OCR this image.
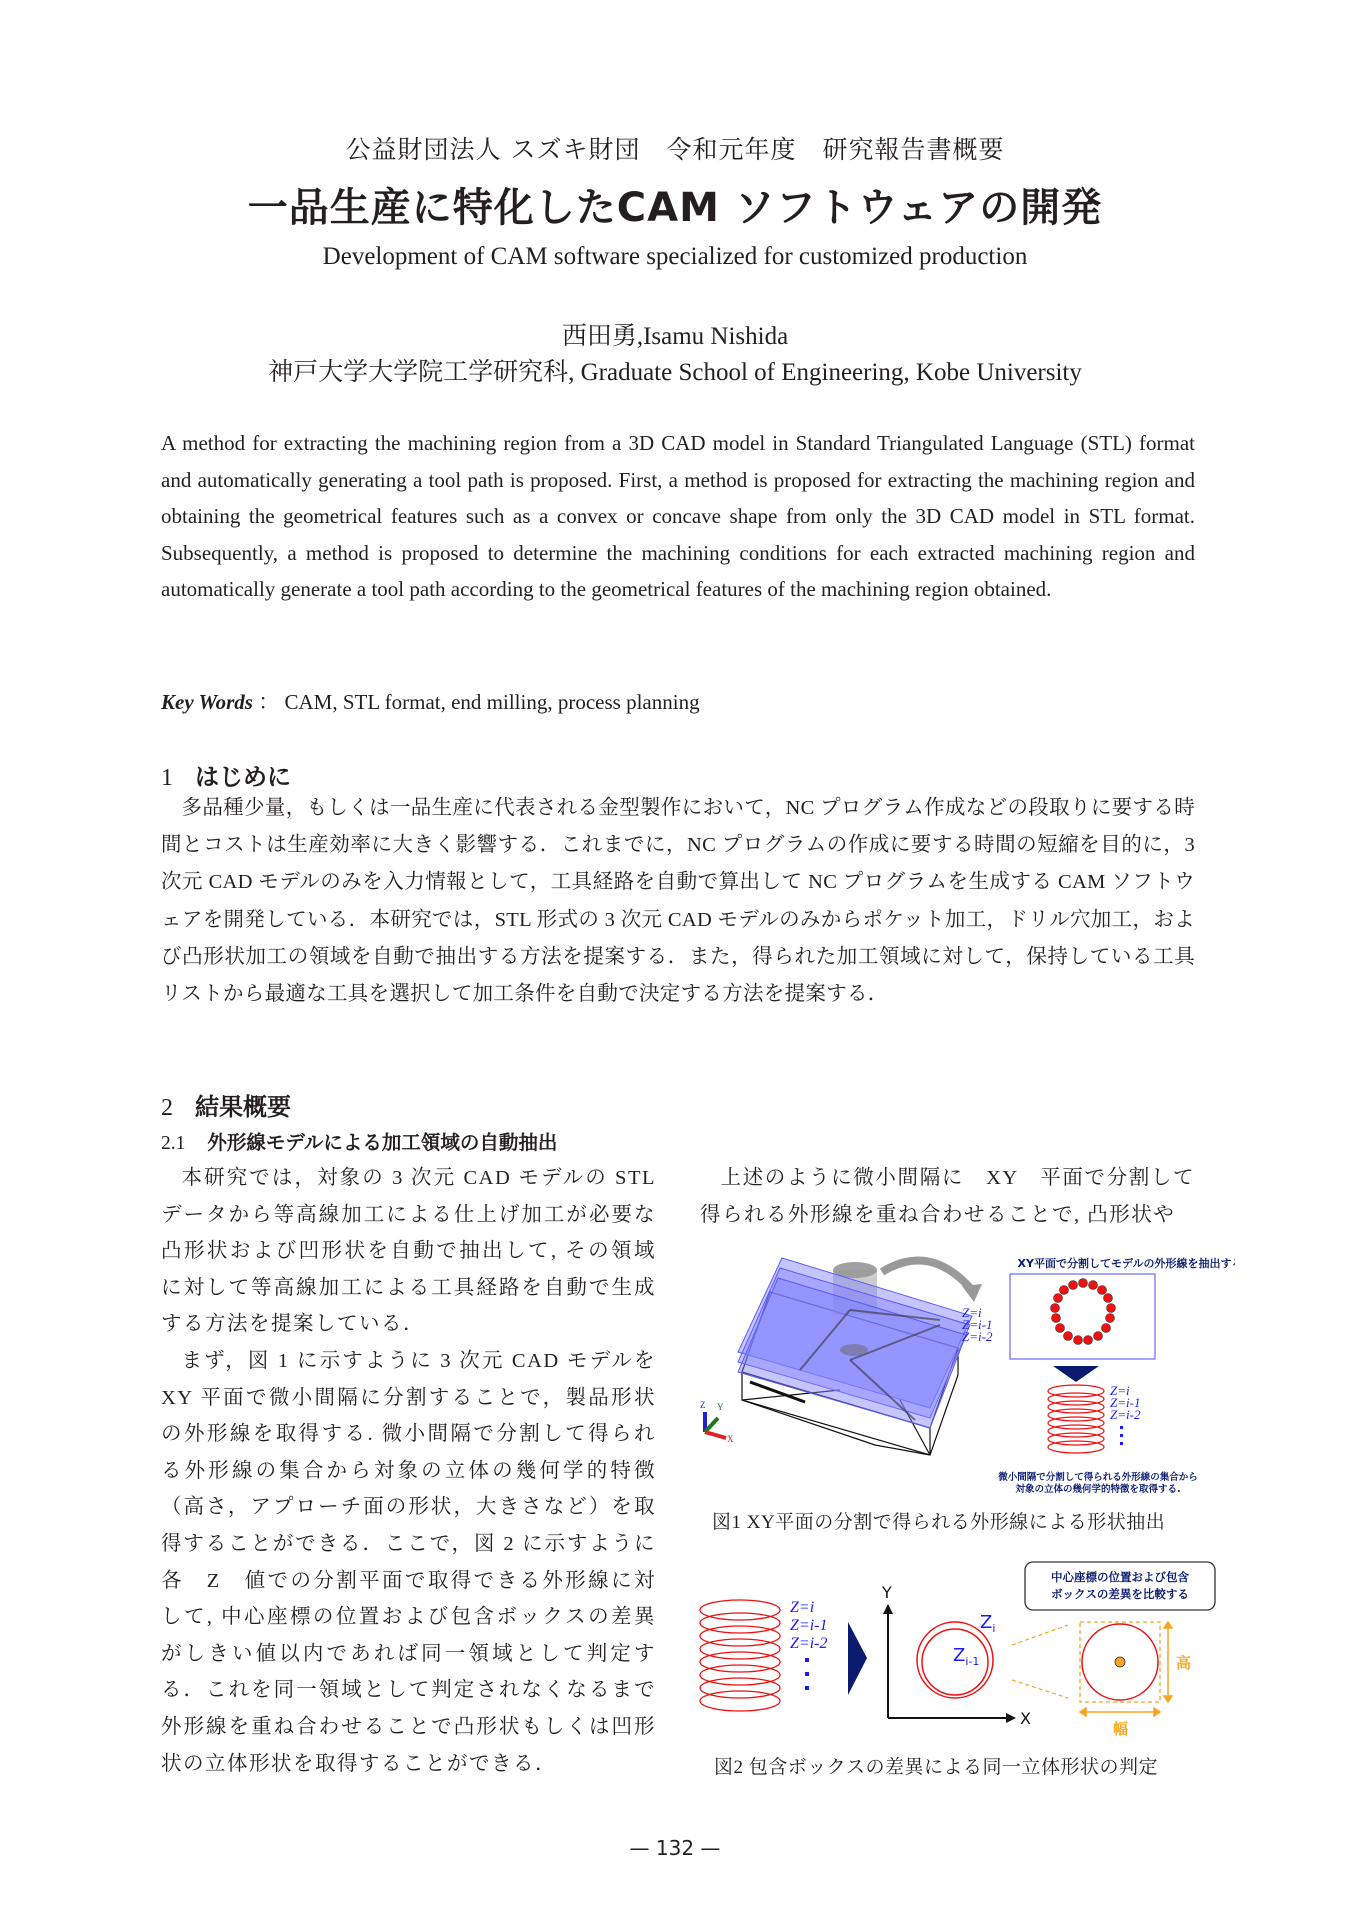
公益財団法人 スズキ財団　令和元年度　研究報告書概要
一品生産に特化したCAM ソフトウェアの開発
Development of CAM software specialized for customized production
西田勇,Isamu Nishida
神戸大学大学院工学研究科, Graduate School of Engineering, Kobe University
A method for extracting the machining region from a 3D CAD model in Standard Triangulated Language (STL) format and automatically generating a tool path is proposed. First, a method is proposed for extracting the machining region and obtaining the geometrical features such as a convex or concave shape from only the 3D CAD model in STL format. Subsequently, a method is proposed to determine the machining conditions for each extracted machining region and automatically generate a tool path according to the geometrical features of the machining region obtained.
Key Words ： CAM, STL format, end milling, process planning
1 はじめに
多品種少量，もしくは一品生産に代表される金型製作において，NC プログラム作成などの段取りに要する時間とコストは生産効率に大きく影響する．これまでに，NC プログラムの作成に要する時間の短縮を目的に，3 次元 CAD モデルのみを入力情報として，工具経路を自動で算出して NC プログラムを生成する CAM ソフトウェアを開発している．本研究では，STL 形式の 3 次元 CAD モデルのみからポケット加工，ドリル穴加工，および凸形状加工の領域を自動で抽出する方法を提案する．また，得られた加工領域に対して，保持している工具リストから最適な工具を選択して加工条件を自動で決定する方法を提案する．
2 結果概要
2.1 外形線モデルによる加工領域の自動抽出

本研究では，対象の 3 次元 CAD モデルの STL データから等高線加工による仕上げ加工が必要な凸形状および凹形状を自動で抽出して, その領域に対して等高線加工による工具経路を自動で生成する方法を提案している．

まず，図 1 に示すように 3 次元 CAD モデルを XY 平面で微小間隔に分割することで，製品形状の外形線を取得する. 微小間隔で分割して得られる外形線の集合から対象の立体の幾何学的特徴（高さ，アプローチ面の形状，大きさなど）を取得することができる．ここで，図 2 に示すように各　Z　値での分割平面で取得できる外形線に対して, 中心座標の位置および包含ボックスの差異がしきい値以内であれば同一領域として判定する．これを同一領域として判定されなくなるまで外形線を重ね合わせることで凸形状もしくは凹形状の立体形状を取得することができる．

上述のように微小間隔に　XY　平面で分割して得られる外形線を重ね合わせることで, 凸形状や

Z=i
Z=i-1
Z=i-2
Z Y
X
XY平面で分割してモデルの外形線を抽出する
Z=i
Z=i-1
Z=i-2
微小間隔で分割して得られる外形線の集合から
対象の立体の幾何学的特徴を取得する.
図1 XY平面の分割で得られる外形線による形状抽出
Z=i
Z=i-1
Z=i-2
Y
X
$Z_i$
$Z_{i-1}$
中心座標の位置および包含
ボックスの差異を比較する
高
幅
図2 包含ボックスの差異による同一立体形状の判定
— 132 —
